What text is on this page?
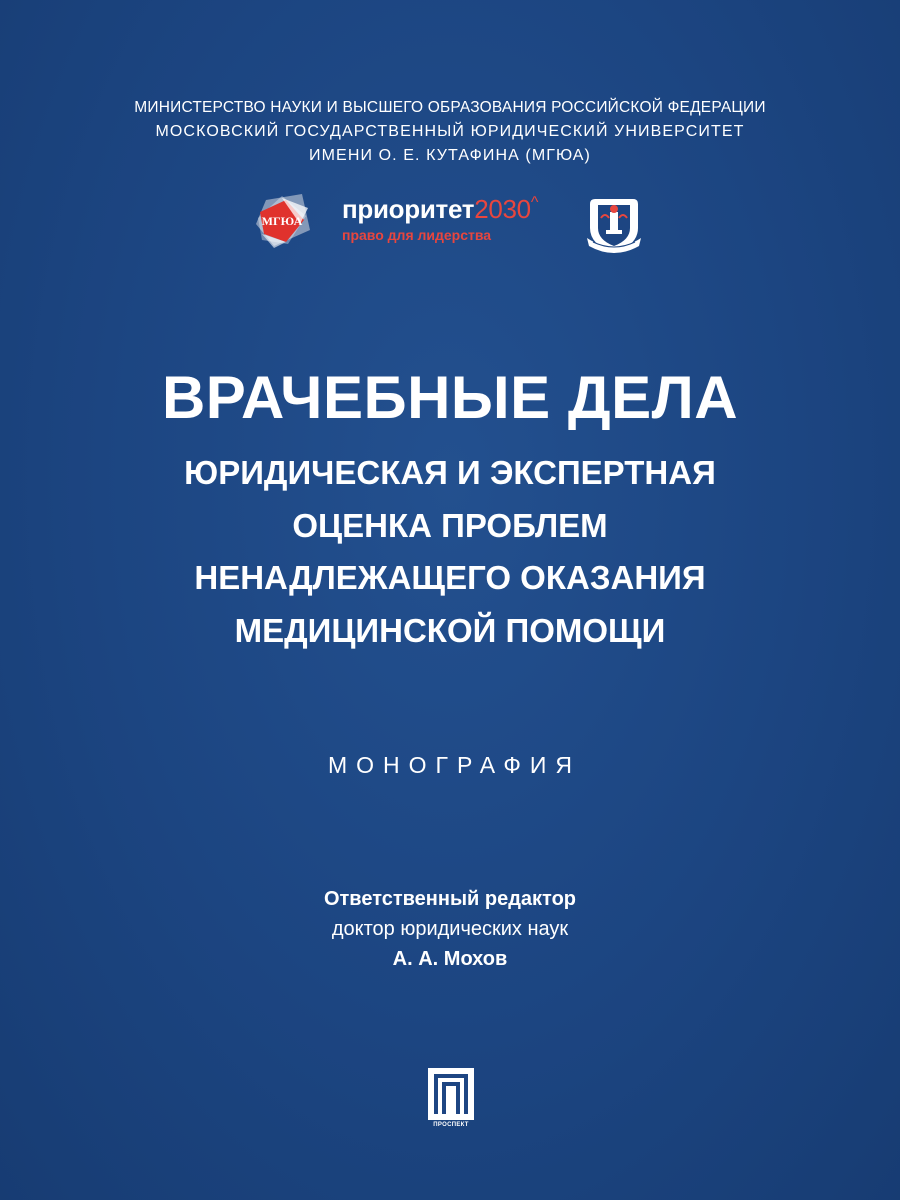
МИНИСТЕРСТВО НАУКИ И ВЫСШЕГО ОБРАЗОВАНИЯ РОССИЙСКОЙ ФЕДЕРАЦИИ
МОСКОВСКИЙ ГОСУДАРСТВЕННЫЙ ЮРИДИЧЕСКИЙ УНИВЕРСИТЕТ
ИМЕНИ О. Е. КУТАФИНА (МГЮА)
МГЮА приоритет2030^
право для лидерства
ВРАЧЕБНЫЕ ДЕЛА
ЮРИДИЧЕСКАЯ И ЭКСПЕРТНАЯ
ОЦЕНКА ПРОБЛЕМ
НЕНАДЛЕЖАЩЕГО ОКАЗАНИЯ
МЕДИЦИНСКОЙ ПОМОЩИ
МОНОГРАФИЯ
Ответственный редактор
доктор юридических наук
А. А. Мохов
ПРОСПЕКТ
